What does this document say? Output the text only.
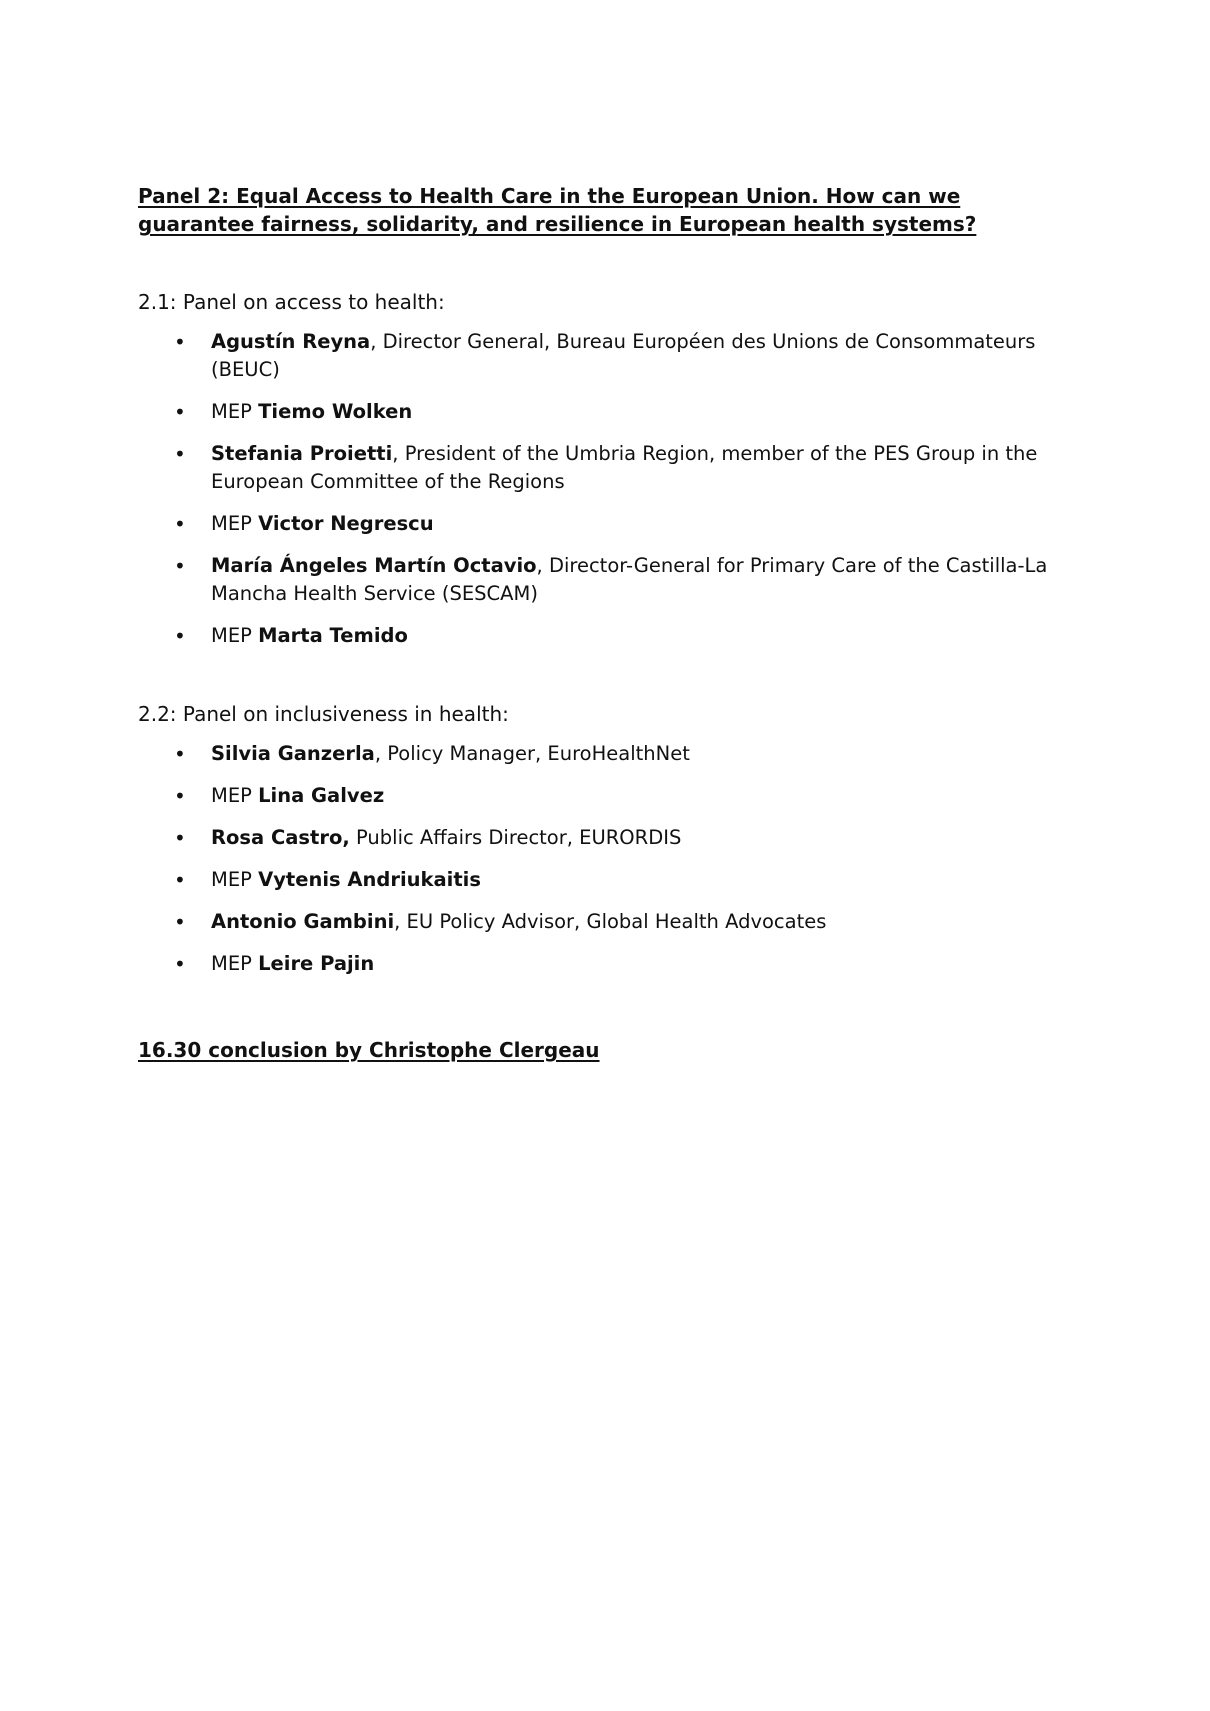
Panel 2: Equal Access to Health Care in the European Union. How can we guarantee fairness, solidarity, and resilience in European health systems?

2.1: Panel on access to health:

• Agustín Reyna, Director General, Bureau Européen des Unions de Consommateurs (BEUC)
• MEP Tiemo Wolken
• Stefania Proietti, President of the Umbria Region, member of the PES Group in the European Committee of the Regions
• MEP Victor Negrescu
• María Ángeles Martín Octavio, Director-General for Primary Care of the Castilla-La Mancha Health Service (SESCAM)
• MEP Marta Temido

2.2: Panel on inclusiveness in health:

• Silvia Ganzerla, Policy Manager, EuroHealthNet
• MEP Lina Galvez
• Rosa Castro, Public Affairs Director, EURORDIS
• MEP Vytenis Andriukaitis
• Antonio Gambini, EU Policy Advisor, Global Health Advocates
• MEP Leire Pajin

16.30 conclusion by Christophe Clergeau
